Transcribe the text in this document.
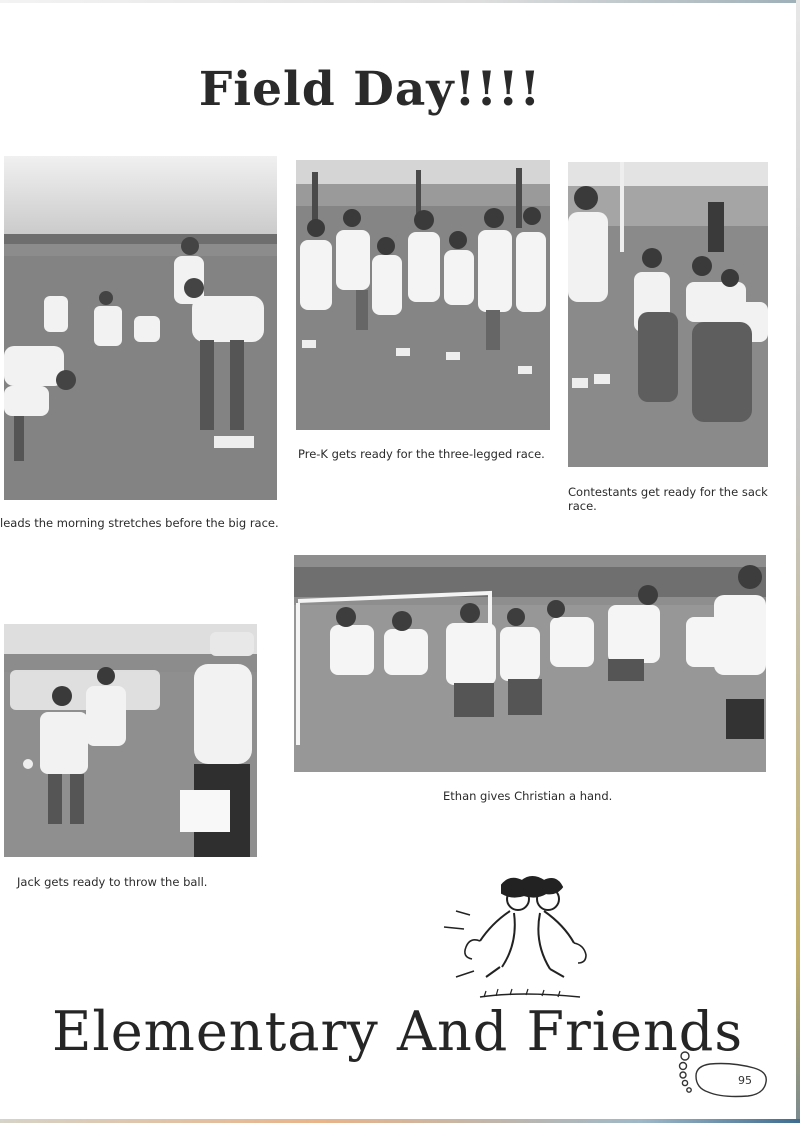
Field Day!!!!
leads the morning stretches before the big race.
Pre-K gets ready for the three-legged race.
Contestants get ready for the sack race.
Ethan gives Christian a hand.
Jack gets ready to throw the ball.
Elementary And Friends
95
